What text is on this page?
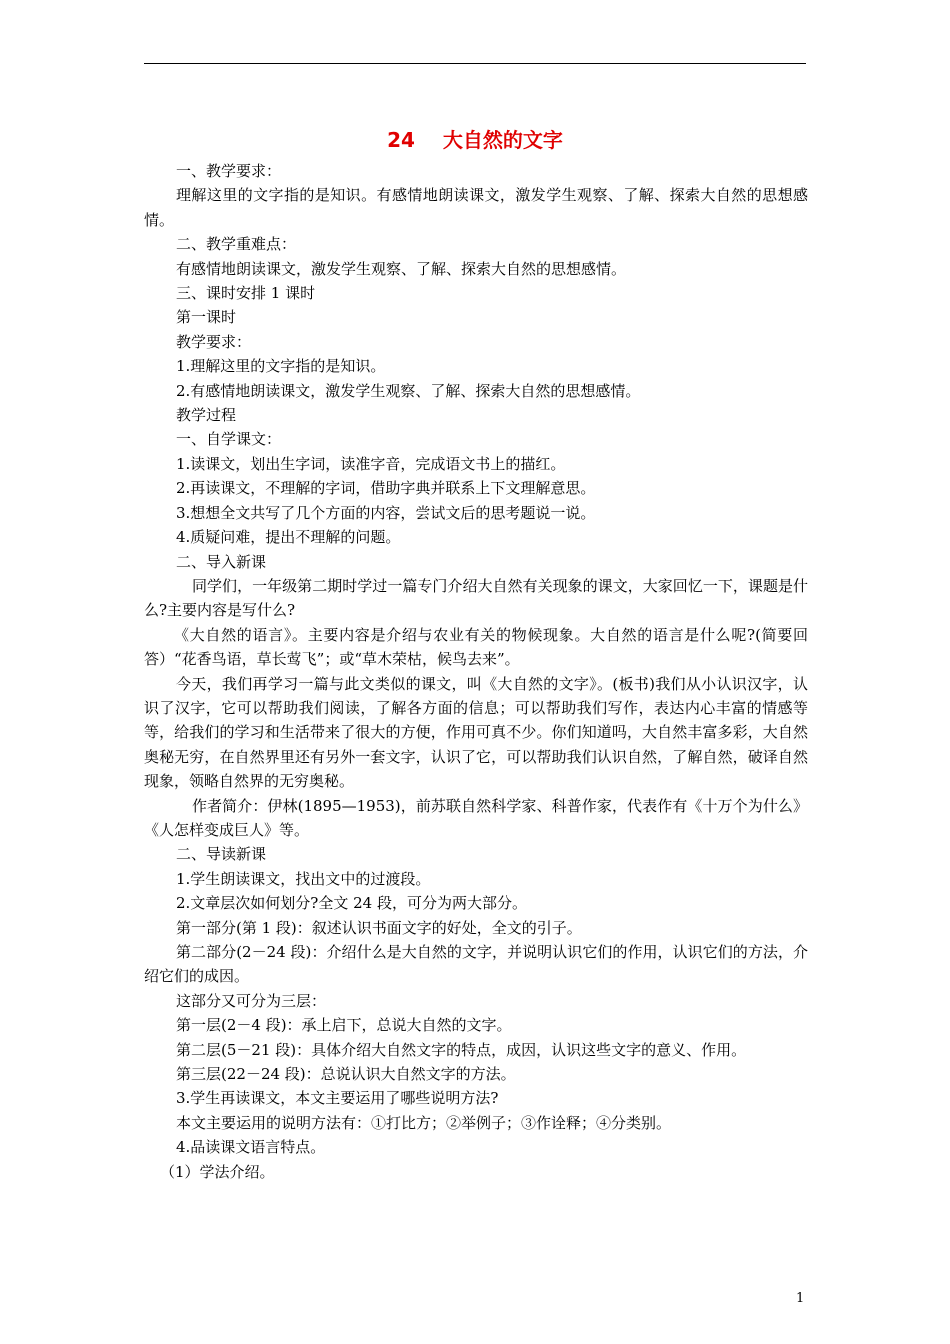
24 大自然的文字

一、教学要求：

理解这里的文字指的是知识。有感情地朗读课文，激发学生观察、了解、探索大自然的思想感情。

二、教学重难点：

有感情地朗读课文，激发学生观察、了解、探索大自然的思想感情。

三、课时安排 1 课时

第一课时

教学要求：

1.理解这里的文字指的是知识。

2.有感情地朗读课文，激发学生观察、了解、探索大自然的思想感情。

教学过程

一、自学课文：

1.读课文，划出生字词，读准字音，完成语文书上的描红。

2.再读课文，不理解的字词，借助字典并联系上下文理解意思。

3.想想全文共写了几个方面的内容，尝试文后的思考题说一说。

4.质疑问难，提出不理解的问题。

二、导入新课

同学们，一年级第二期时学过一篇专门介绍大自然有关现象的课文，大家回忆一下，课题是什么?主要内容是写什么?

《大自然的语言》。主要内容是介绍与农业有关的物候现象。大自然的语言是什么呢?(简要回答）“花香鸟语，草长莺飞”；或“草木荣枯，候鸟去来”。

今天，我们再学习一篇与此文类似的课文，叫《大自然的文字》。(板书)我们从小认识汉字，认识了汉字，它可以帮助我们阅读，了解各方面的信息；可以帮助我们写作，表达内心丰富的情感等等，给我们的学习和生活带来了很大的方便，作用可真不少。你们知道吗，大自然丰富多彩，大自然奥秘无穷，在自然界里还有另外一套文字，认识了它，可以帮助我们认识自然，了解自然，破译自然现象，领略自然界的无穷奥秘。

作者简介：伊林(1895—1953)，前苏联自然科学家、科普作家，代表作有《十万个为什么》《人怎样变成巨人》等。

二、导读新课

1.学生朗读课文，找出文中的过渡段。

2.文章层次如何划分?全文 24 段，可分为两大部分。

第一部分(第 1 段)：叙述认识书面文字的好处，全文的引子。

第二部分(2－24 段)：介绍什么是大自然的文字，并说明认识它们的作用，认识它们的方法，介绍它们的成因。

这部分又可分为三层：

第一层(2－4 段)：承上启下，总说大自然的文字。

第二层(5－21 段)：具体介绍大自然文字的特点，成因，认识这些文字的意义、作用。

第三层(22－24 段)：总说认识大自然文字的方法。

3.学生再读课文，本文主要运用了哪些说明方法?

本文主要运用的说明方法有：①打比方；②举例子；③作诠释；④分类别。

4.品读课文语言特点。

（1）学法介绍。

1
